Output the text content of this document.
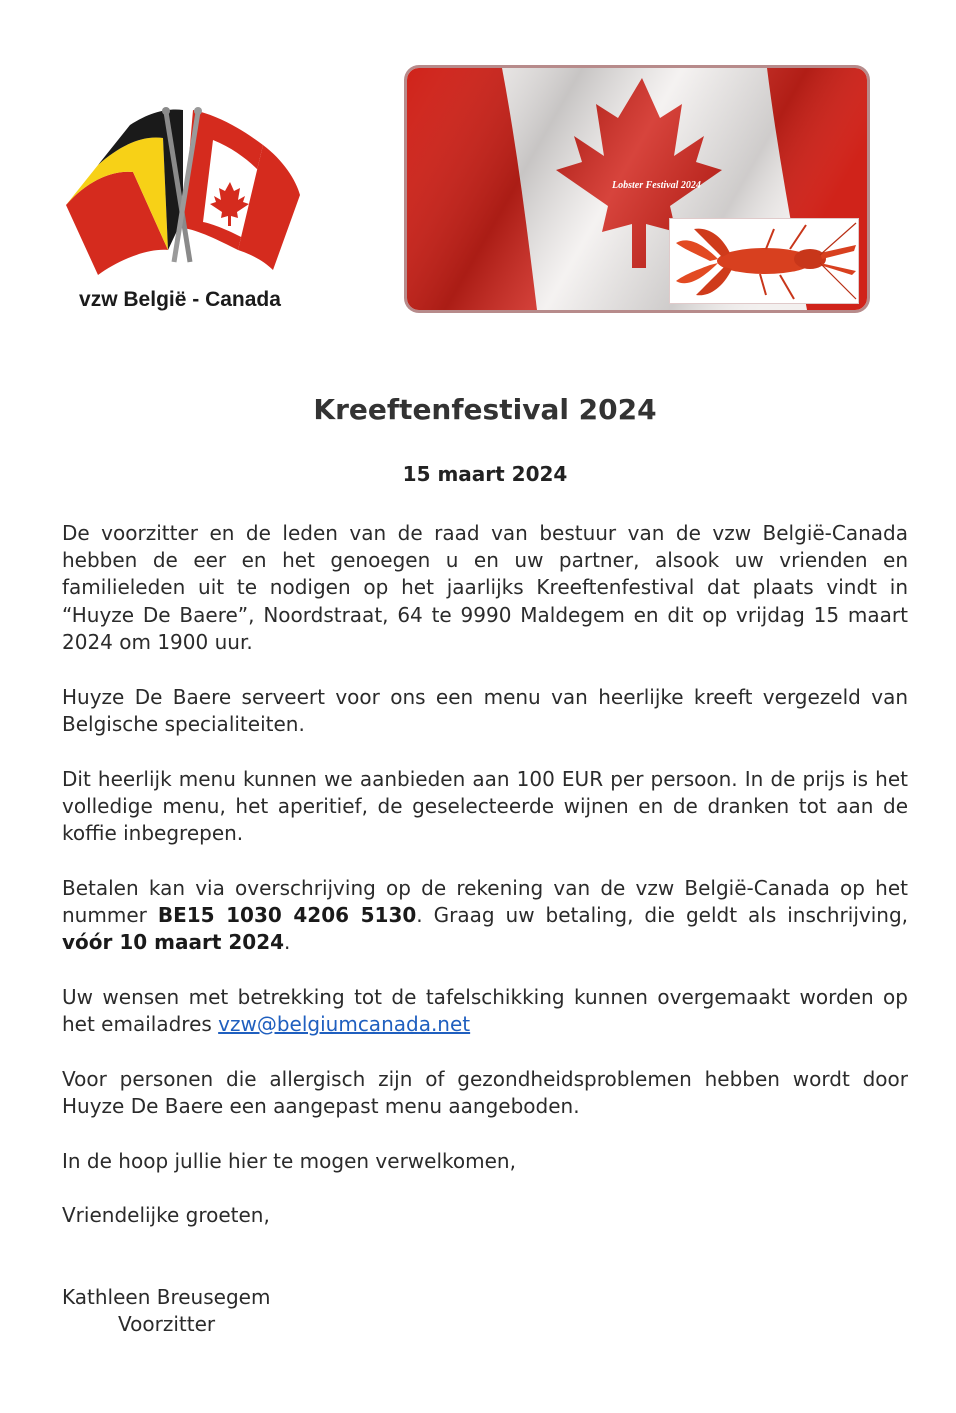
vzw België - Canada
Lobster Festival 2024
Kreeftenfestival 2024
15 maart 2024

De voorzitter en de leden van de raad van bestuur van de vzw België-Canada hebben de eer en het genoegen u en uw partner, alsook uw vrienden en familieleden uit te nodigen op het jaarlijks Kreeftenfestival dat plaats vindt in “Huyze De Baere”, Noordstraat, 64 te 9990 Maldegem en dit op vrijdag 15 maart 2024 om 1900 uur.

Huyze De Baere serveert voor ons een menu van heerlijke kreeft vergezeld van Belgische specialiteiten.

Dit heerlijk menu kunnen we aanbieden aan 100 EUR per persoon. In de prijs is het volledige menu, het aperitief, de geselecteerde wijnen en de dranken tot aan de koffie inbegrepen.

Betalen kan via overschrijving op de rekening van de vzw België-Canada op het nummer BE15 1030 4206 5130. Graag uw betaling, die geldt als inschrijving, vóór 10 maart 2024.

Uw wensen met betrekking tot de tafelschikking kunnen overgemaakt worden op het emailadres vzw@belgiumcanada.net

Voor personen die allergisch zijn of gezondheidsproblemen hebben wordt door Huyze De Baere een aangepast menu aangeboden.

In de hoop jullie hier te mogen verwelkomen,

Vriendelijke groeten,

Kathleen Breusegem

Voorzitter
